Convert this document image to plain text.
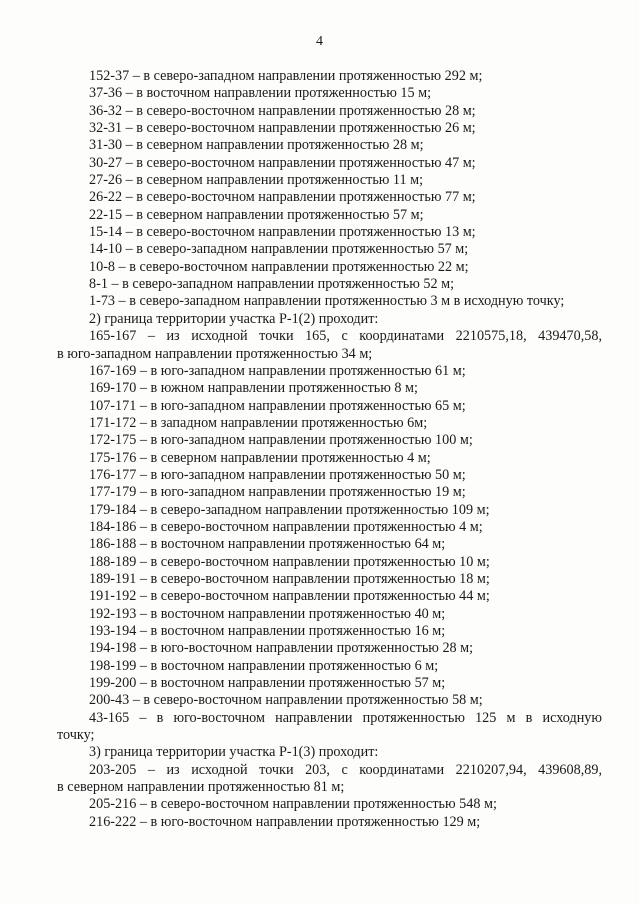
4
152-37 – в северо-западном направлении протяженностью 292 м;
37-36 – в восточном направлении протяженностью 15 м;
36-32 – в северо-восточном направлении протяженностью 28 м;
32-31 – в северо-восточном направлении протяженностью 26 м;
31-30 – в северном направлении протяженностью 28 м;
30-27 – в северо-восточном направлении протяженностью 47 м;
27-26 – в северном направлении протяженностью 11 м;
26-22 – в северо-восточном направлении протяженностью 77 м;
22-15 – в северном направлении протяженностью 57 м;
15-14 – в северо-восточном направлении протяженностью 13 м;
14-10 – в северо-западном направлении протяженностью 57 м;
10-8 – в северо-восточном направлении протяженностью 22 м;
8-1 – в северо-западном направлении протяженностью 52 м;
1-73 – в северо-западном направлении протяженностью 3 м в исходную точку;
2) граница территории участка Р-1(2) проходит:
165-167 – из исходной точки 165, с координатами 2210575,18, 439470,58,
в юго-западном направлении протяженностью 34 м;
167-169 – в юго-западном направлении протяженностью 61 м;
169-170 – в южном направлении протяженностью 8 м;
107-171 – в юго-западном направлении протяженностью 65 м;
171-172 – в западном направлении протяженностью 6м;
172-175 – в юго-западном направлении протяженностью 100 м;
175-176 – в северном направлении протяженностью 4 м;
176-177 – в юго-западном направлении протяженностью 50 м;
177-179 – в юго-западном направлении протяженностью 19 м;
179-184 – в северо-западном направлении протяженностью 109 м;
184-186 – в северо-восточном направлении протяженностью 4 м;
186-188 – в восточном направлении протяженностью 64 м;
188-189 – в северо-восточном направлении протяженностью 10 м;
189-191 – в северо-восточном направлении протяженностью 18 м;
191-192 – в северо-восточном направлении протяженностью 44 м;
192-193 – в восточном направлении протяженностью 40 м;
193-194 – в восточном направлении протяженностью 16 м;
194-198 – в юго-восточном направлении протяженностью 28 м;
198-199 – в восточном направлении протяженностью 6 м;
199-200 – в восточном направлении протяженностью 57 м;
200-43 – в северо-восточном направлении протяженностью 58 м;
43-165 – в юго-восточном направлении протяженностью 125 м в исходную
точку;
3) граница территории участка Р-1(3) проходит:
203-205 – из исходной точки 203, с координатами 2210207,94, 439608,89,
в северном направлении протяженностью 81 м;
205-216 – в северо-восточном направлении протяженностью 548 м;
216-222 – в юго-восточном направлении протяженностью 129 м;
